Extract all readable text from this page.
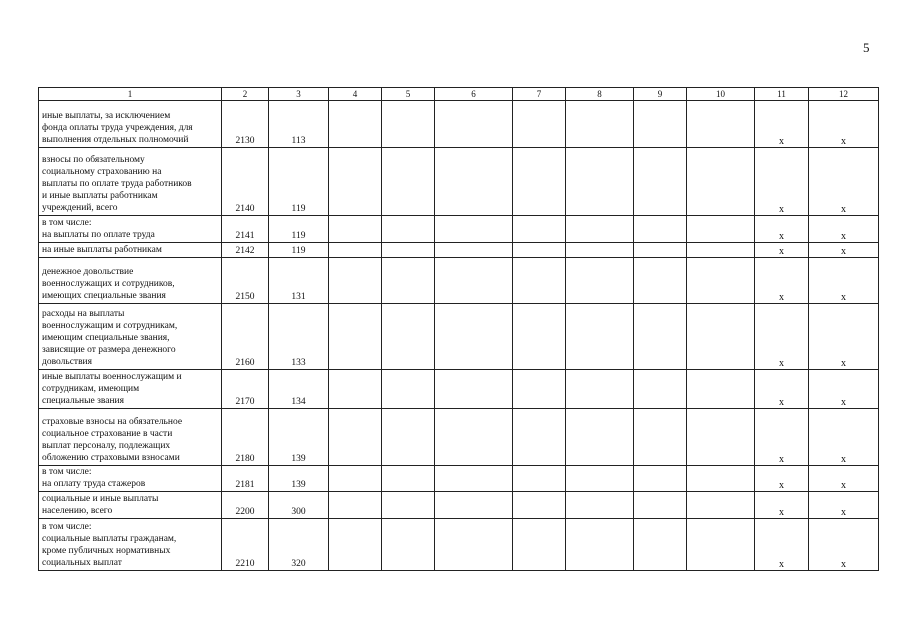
5
1	2	3	4	5	6	7	8	9	10	11	12
иные выплаты, за исключением
фонда оплаты труда учреждения, для
выполнения отдельных полномочий	2130	113								x	x
взносы по обязательному
социальному страхованию на
выплаты по оплате труда работников
и иные выплаты работникам
учреждений, всего	2140	119								x	x
в том числе:
на выплаты по оплате труда	2141	119								x	x
на иные выплаты работникам	2142	119								x	x
денежное довольствие
военнослужащих и сотрудников,
имеющих специальные звания	2150	131								x	x
расходы на выплаты
военнослужащим и сотрудникам,
имеющим специальные звания,
зависящие от размера денежного
довольствия	2160	133								x	x
иные выплаты военнослужащим и
сотрудникам, имеющим
специальные звания	2170	134								x	x
страховые взносы на обязательное
социальное страхование в части
выплат персоналу, подлежащих
обложению страховыми взносами	2180	139								x	x
в том числе:
на оплату труда стажеров	2181	139								x	x
социальные и иные выплаты
населению, всего	2200	300								x	x
в том числе:
социальные выплаты гражданам,
кроме публичных нормативных
социальных выплат	2210	320								x	x
